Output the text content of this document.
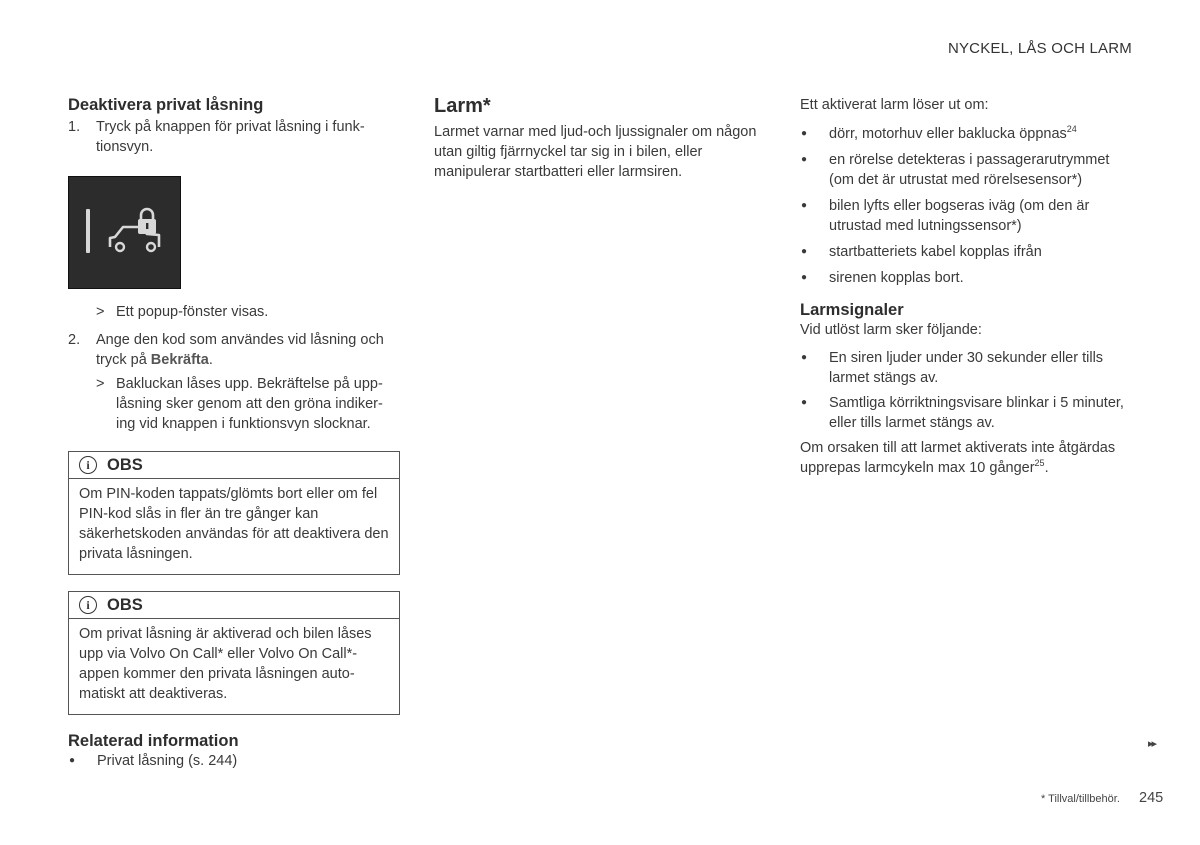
NYCKEL, LÅS OCH LARM
Deaktivera privat låsning
1.	Tryck på knappen för privat låsning i funk-tionsvyn.
> Ett popup-fönster visas.
2.	Ange den kod som användes vid låsning och tryck på Bekräfta.
> Bakluckan låses upp. Bekräftelse på upp-låsning sker genom att den gröna indiker-ing vid knappen i funktionsvyn slocknar.
i	OBS
Om PIN-koden tappats/glömts bort eller om fel PIN-kod slås in fler än tre gånger kan säkerhetskoden användas för att deaktivera den privata låsningen.
i	OBS
Om privat låsning är aktiverad och bilen låses upp via Volvo On Call* eller Volvo On Call*-appen kommer den privata låsningen auto-matiskt att deaktiveras.
Relaterad information
●	Privat låsning (s. 244)
Larm*

Larmet varnar med ljud-och ljussignaler om någon utan giltig fjärrnyckel tar sig in i bilen, eller manipulerar startbatteri eller larmsiren.

Ett aktiverat larm löser ut om:

●	dörr, motorhuv eller baklucka öppnas$^{24}$
●	en rörelse detekteras i passagerarutrymmet (om det är utrustat med rörelsesensor*)
●	bilen lyfts eller bogseras iväg (om den är utrustad med lutningssensor*)
●	startbatteriets kabel kopplas ifrån
●	sirenen kopplas bort.
Larmsignaler

Vid utlöst larm sker följande:

●	En siren ljuder under 30 sekunder eller tills larmet stängs av.
●	Samtliga körriktningsvisare blinkar i 5 minuter, eller tills larmet stängs av.

Om orsaken till att larmet aktiverats inte åtgärdas upprepas larmcykeln max 10 gånger$^{25}$.

▸▸
* Tillval/tillbehör. 245
